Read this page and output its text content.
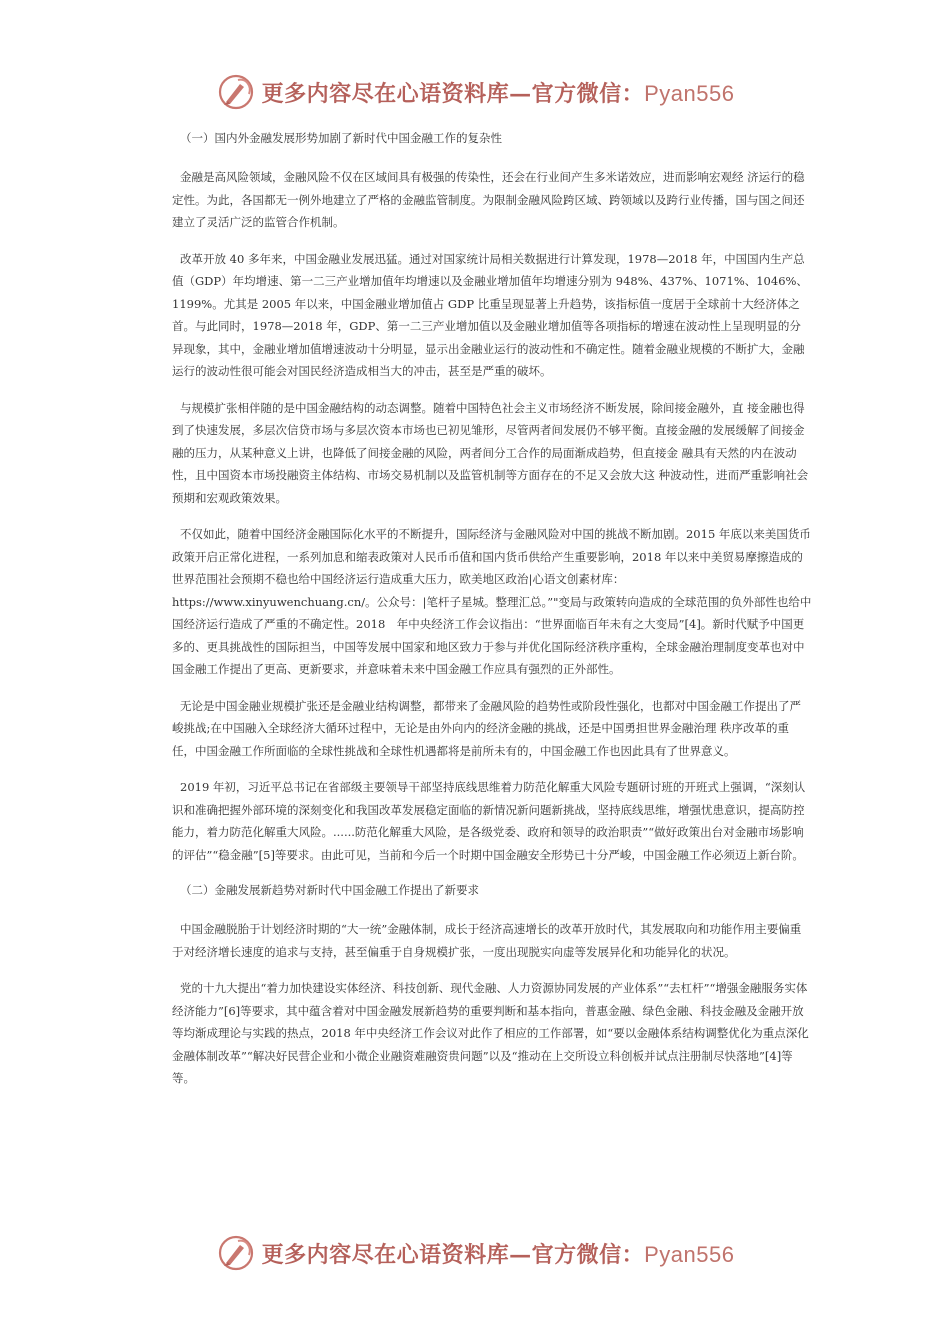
更多内容尽在心语资料库—官方微信：Pyan556
（一）国内外金融发展形势加剧了新时代中国金融工作的复杂性

金融是高风险领域，金融风险不仅在区域间具有极强的传染性，还会在行业间产生多米诺效应，进而影响宏观经 济运行的稳定性。为此，各国都无一例外地建立了严格的金融监管制度。为限制金融风险跨区域、跨领域以及跨行业传播，国与国之间还建立了灵活广泛的监管合作机制。

改革开放 40 多年来，中国金融业发展迅猛。通过对国家统计局相关数据进行计算发现，1978—2018 年，中国国内生产总值（GDP）年均增速、第一二三产业增加值年均增速以及金融业增加值年均增速分别为 948%、437%、1071%、1046%、1199%。尤其是 2005 年以来，中国金融业增加值占 GDP 比重呈现显著上升趋势，该指标值一度居于全球前十大经济体之首。与此同时，1978—2018 年，GDP、第一二三产业增加值以及金融业增加值等各项指标的增速在波动性上呈现明显的分异现象，其中，金融业增加值增速波动十分明显，显示出金融业运行的波动性和不确定性。随着金融业规模的不断扩大，金融运行的波动性很可能会对国民经济造成相当大的冲击，甚至是严重的破坏。

与规模扩张相伴随的是中国金融结构的动态调整。随着中国特色社会主义市场经济不断发展，除间接金融外，直 接金融也得到了快速发展，多层次信贷市场与多层次资本市场也已初见雏形，尽管两者间发展仍不够平衡。直接金融的发展缓解了间接金融的压力，从某种意义上讲，也降低了间接金融的风险，两者间分工合作的局面渐成趋势，但直接金 融具有天然的内在波动性，且中国资本市场投融资主体结构、市场交易机制以及监管机制等方面存在的不足又会放大这 种波动性，进而严重影响社会预期和宏观政策效果。

不仅如此，随着中国经济金融国际化水平的不断提升，国际经济与金融风险对中国的挑战不断加剧。2015 年底以来美国货币政策开启正常化进程，一系列加息和缩表政策对人民币币值和国内货币供给产生重要影响，2018 年以来中美贸易摩擦造成的世界范围社会预期不稳也给中国经济运行造成重大压力，欧美地区政治|心语文创素材库：https://www.xinyuwenchuang.cn/。公众号：|笔杆子星城。整理汇总。”"变局与政策转向造成的全球范围的负外部性也给中国经济运行造成了严重的不确定性。2018　年中央经济工作会议指出：“世界面临百年未有之大变局”[4]。新时代赋予中国更多的、更具挑战性的国际担当，中国等发展中国家和地区致力于参与并优化国际经济秩序重构，全球金融治理制度变革也对中国金融工作提出了更高、更新要求，并意味着未来中国金融工作应具有强烈的正外部性。

无论是中国金融业规模扩张还是金融业结构调整，都带来了金融风险的趋势性或阶段性强化，也都对中国金融工作提出了严峻挑战;在中国融入全球经济大循环过程中，无论是由外向内的经济金融的挑战，还是中国勇担世界金融治理 秩序改革的重任，中国金融工作所面临的全球性挑战和全球性机遇都将是前所未有的，中国金融工作也因此具有了世界意义。

2019 年初，习近平总书记在省部级主要领导干部坚持底线思维着力防范化解重大风险专题研讨班的开班式上强调，“深刻认识和准确把握外部环境的深刻变化和我国改革发展稳定面临的新情况新问题新挑战，坚持底线思维，增强忧患意识，提高防控能力，着力防范化解重大风险。......防范化解重大风险，是各级党委、政府和领导的政治职责”“做好政策出台对金融市场影响的评估”“稳金融”[5]等要求。由此可见，当前和今后一个时期中国金融安全形势已十分严峻，中国金融工作必须迈上新台阶。

（二）金融发展新趋势对新时代中国金融工作提出了新要求

中国金融脱胎于计划经济时期的“大一统”金融体制，成长于经济高速增长的改革开放时代，其发展取向和功能作用主要偏重于对经济增长速度的追求与支持，甚至偏重于自身规模扩张，一度出现脱实向虚等发展异化和功能异化的状况。

党的十九大提出“着力加快建设实体经济、科技创新、现代金融、人力资源协同发展的产业体系”“去杠杆”“增强金融服务实体经济能力”[6]等要求，其中蕴含着对中国金融发展新趋势的重要判断和基本指向，普惠金融、绿色金融、科技金融及金融开放等均渐成理论与实践的热点，2018 年中央经济工作会议对此作了相应的工作部署，如“要以金融体系结构调整优化为重点深化金融体制改革”“解决好民营企业和小微企业融资难融资贵问题”以及“推动在上交所设立科创板并试点注册制尽快落地”[4]等等。

更多内容尽在心语资料库—官方微信：Pyan556
